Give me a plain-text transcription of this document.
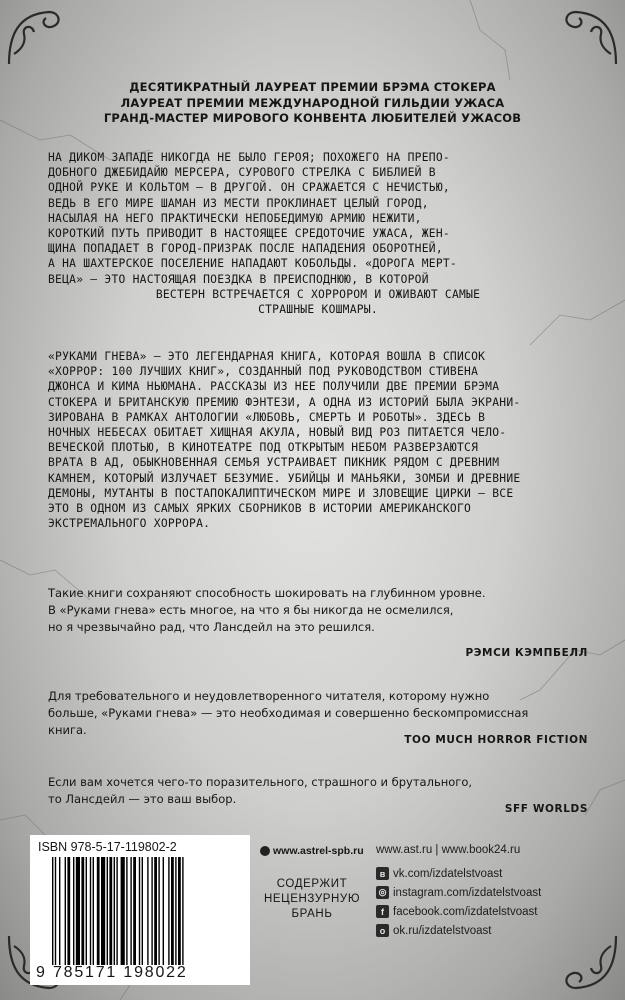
ДЕСЯТИКРАТНЫЙ ЛАУРЕАТ ПРЕМИИ БРЭМА СТОКЕРА
ЛАУРЕАТ ПРЕМИИ МЕЖДУНАРОДНОЙ ГИЛЬДИИ УЖАСА
ГРАНД-МАСТЕР МИРОВОГО КОНВЕНТА ЛЮБИТЕЛЕЙ УЖАСОВ
НА ДИКОМ ЗАПАДЕ НИКОГДА НЕ БЫЛО ГЕРОЯ; ПОХОЖЕГО НА ПРЕПО-
ДОБНОГО ДЖЕБИДАЙЮ МЕРСЕРА, СУРОВОГО СТРЕЛКА С БИБЛИЕЙ В
ОДНОЙ РУКЕ И КОЛЬТОМ — В ДРУГОЙ. ОН СРАЖАЕТСЯ С НЕЧИСТЬЮ,
ВЕДЬ В ЕГО МИРЕ ШАМАН ИЗ МЕСТИ ПРОКЛИНАЕТ ЦЕЛЫЙ ГОРОД,
НАСЫЛАЯ НА НЕГО ПРАКТИЧЕСКИ НЕПОБЕДИМУЮ АРМИЮ НЕЖИТИ,
КОРОТКИЙ ПУТЬ ПРИВОДИТ В НАСТОЯЩЕЕ СРЕДОТОЧИЕ УЖАСА, ЖЕН-
ЩИНА ПОПАДАЕТ В ГОРОД-ПРИЗРАК ПОСЛЕ НАПАДЕНИЯ ОБОРОТНЕЙ,
А НА ШАХТЕРСКОЕ ПОСЕЛЕНИЕ НАПАДАЮТ КОБОЛЬДЫ. «ДОРОГА МЕРТ-
ВЕЦА» — ЭТО НАСТОЯЩАЯ ПОЕЗДКА В ПРЕИСПОДНЮЮ, В КОТОРОЙ
ВЕСТЕРН ВСТРЕЧАЕТСЯ С ХОРРОРОМ И ОЖИВАЮТ САМЫЕ
СТРАШНЫЕ КОШМАРЫ.
«РУКАМИ ГНЕВА» — ЭТО ЛЕГЕНДАРНАЯ КНИГА, КОТОРАЯ ВОШЛА В СПИСОК
«ХОРРОР: 100 ЛУЧШИХ КНИГ», СОЗДАННЫЙ ПОД РУКОВОДСТВОМ СТИВЕНА
ДЖОНСА И КИМА НЬЮМАНА. РАССКАЗЫ ИЗ НЕЕ ПОЛУЧИЛИ ДВЕ ПРЕМИИ БРЭМА
СТОКЕРА И БРИТАНСКУЮ ПРЕМИЮ ФЭНТЕЗИ, А ОДНА ИЗ ИСТОРИЙ БЫЛА ЭКРАНИ-
ЗИРОВАНА В РАМКАХ АНТОЛОГИИ «ЛЮБОВЬ, СМЕРТЬ И РОБОТЫ». ЗДЕСЬ В
НОЧНЫХ НЕБЕСАХ ОБИТАЕТ ХИЩНАЯ АКУЛА, НОВЫЙ ВИД РОЗ ПИТАЕТСЯ ЧЕЛО-
ВЕЧЕСКОЙ ПЛОТЬЮ, В КИНОТЕАТРЕ ПОД ОТКРЫТЫМ НЕБОМ РАЗВЕРЗАЮТСЯ
ВРАТА В АД, ОБЫКНОВЕННАЯ СЕМЬЯ УСТРАИВАЕТ ПИКНИК РЯДОМ С ДРЕВНИМ
КАМНЕМ, КОТОРЫЙ ИЗЛУЧАЕТ БЕЗУМИЕ. УБИЙЦЫ И МАНЬЯКИ, ЗОМБИ И ДРЕВНИЕ
ДЕМОНЫ, МУТАНТЫ В ПОСТАПОКАЛИПТИЧЕСКОМ МИРЕ И ЗЛОВЕЩИЕ ЦИРКИ — ВСЕ
ЭТО В ОДНОМ ИЗ САМЫХ ЯРКИХ СБОРНИКОВ В ИСТОРИИ АМЕРИКАНСКОГО
ЭКСТРЕМАЛЬНОГО ХОРРОРА.
Такие книги сохраняют способность шокировать на глубинном уровне.
В «Руками гнева» есть многое, на что я бы никогда не осмелился,
но я чрезвычайно рад, что Лансдейл на это решился.
РЭМСИ КЭМПБЕЛЛ
Для требовательного и неудовлетворенного читателя, которому нужно
больше, «Руками гнева» — это необходимая и совершенно бескомпромиссная
книга.
TOO MUCH HORROR FICTION
Если вам хочется чего-то поразительного, страшного и брутального,
то Лансдейл — это ваш выбор.
SFF WORLDS
ISBN 978-5-17-119802-2
9 785171 198022
www.astrel-spb.ru
СОДЕРЖИТ
НЕЦЕНЗУРНУЮ
БРАНЬ
www.ast.ru | www.book24.ru
в vk.com/izdatelstvoast
◎ instagram.com/izdatelstvoast
f facebook.com/izdatelstvoast
о ok.ru/izdatelstvoast
